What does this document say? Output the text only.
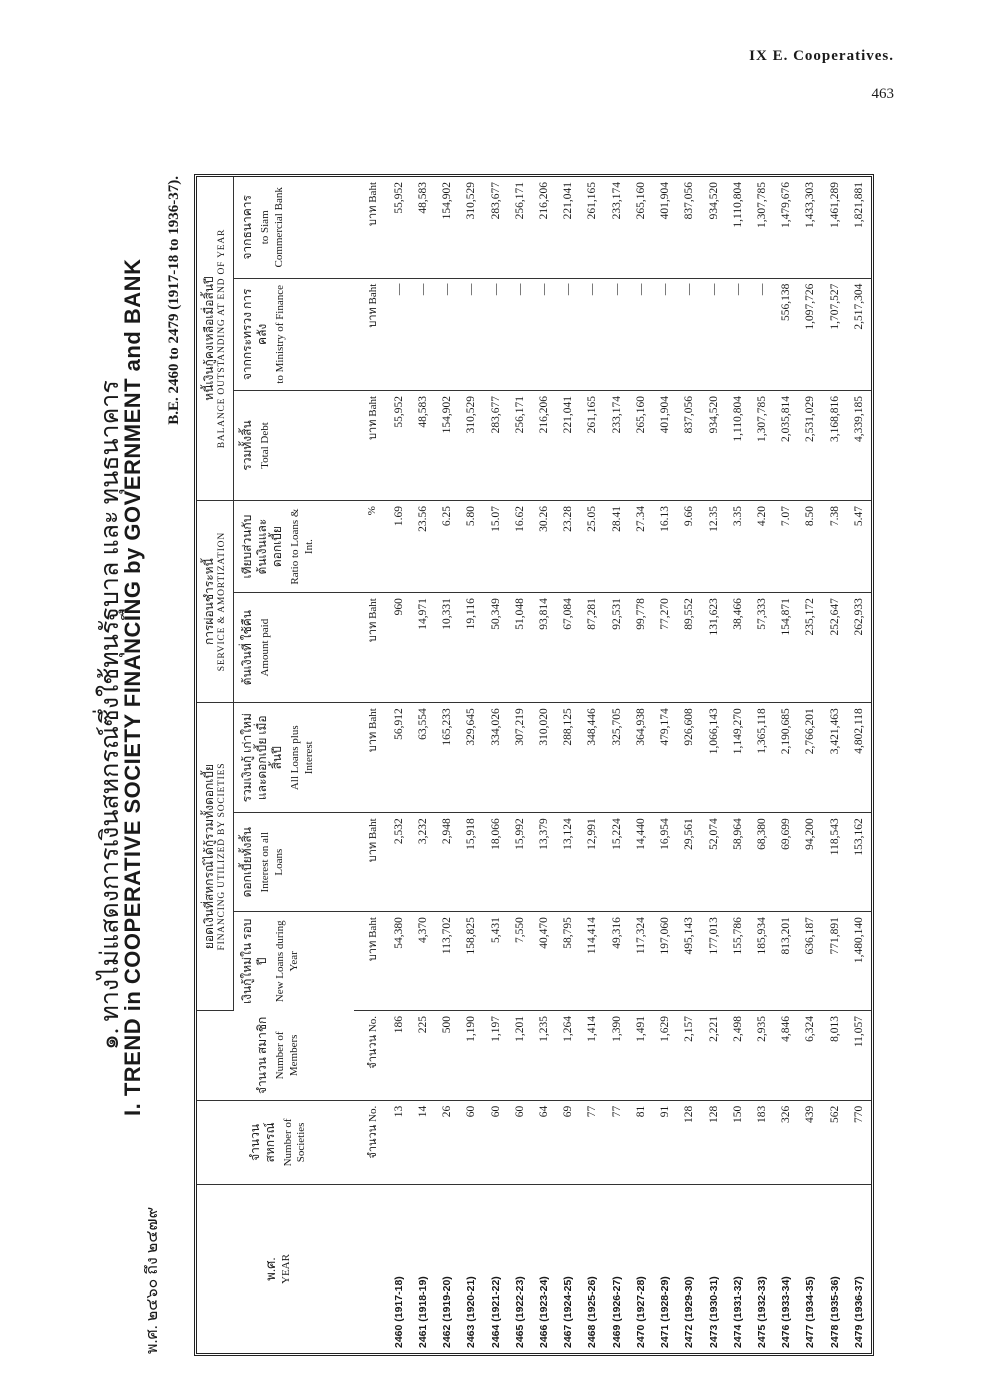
IX E. Cooperatives.
463
๑. ทางไม่แสดงการเงินสหกรณ์ซึ่งใช้ทุนรัฐบาล และ ทุนธนาคาร
I. TREND in COOPERATIVE SOCIETY FINANCING by GOVERNMENT and BANK
พ.ศ. ๒๔๖๐ ถึง ๒๔๗๙
B.E. 2460 to 2479 (1917-18 to 1936-37).
พ.ศ. YEAR	จำนวน สหกรณ์ Number of Societies	จำนวน สมาชิก Number of Members	ยอดเงินที่สหกรณ์ได้กู้รวมทั้งดอกเบี้ย FINANCING UTILIZED BY SOCIETIES			การผ่อนชำระหนี้ SERVICE & AMORTIZATION		หนี้เงินกู้คงเหลือเมื่อสิ้นปี BALANCE OUTSTANDING AT END OF YEAR		

			เงินกู้ใหม่ใน รอบปี New Loans during Year	ดอกเบี้ยทั้งสิ้น Interest on all Loans	รวมเงินกู้ เก่าใหม่ และดอกเบี้ย เมื่อสิ้นปี All Loans plus Interest	ต้นเงินที่ ใช้คืน Amount paid	เทียบส่วนกับ ต้นเงินและ ดอกเบี้ย Ratio to Loans & Int.	รวมทั้งสิ้น Total Debt	จากกระทรวง การคลัง to Ministry of Finance	จากธนาคาร to Siam Commercial Bank

	จำนวน No.	จำนวน No.	บาท Baht	บาท Baht	บาท Baht	บาท Baht	%	บาท Baht	บาท Baht	บาท Baht
2460 (1917-18)	13	186	54,380	2,532	56,912	960	1.69	55,952	—	55,952
2461 (1918-19)	14	225	4,370	3,232	63,554	14,971	23.56	48,583	—	48,583
2462 (1919-20)	26	500	113,702	2,948	165,233	10,331	6.25	154,902	—	154,902
2463 (1920-21)	60	1,190	158,825	15,918	329,645	19,116	5.80	310,529	—	310,529
2464 (1921-22)	60	1,197	5,431	18,066	334,026	50,349	15.07	283,677	—	283,677
2465 (1922-23)	60	1,201	7,550	15,992	307,219	51,048	16.62	256,171	—	256,171
2466 (1923-24)	64	1,235	40,470	13,379	310,020	93,814	30.26	216,206	—	216,206
2467 (1924-25)	69	1,264	58,795	13,124	288,125	67,084	23.28	221,041	—	221,041
2468 (1925-26)	77	1,414	114,414	12,991	348,446	87,281	25.05	261,165	—	261,165
2469 (1926-27)	77	1,390	49,316	15,224	325,705	92,531	28.41	233,174	—	233,174
2470 (1927-28)	81	1,491	117,324	14,440	364,938	99,778	27.34	265,160	—	265,160
2471 (1928-29)	91	1,629	197,060	16,954	479,174	77,270	16.13	401,904	—	401,904
2472 (1929-30)	128	2,157	495,143	29,561	926,608	89,552	9.66	837,056	—	837,056
2473 (1930-31)	128	2,221	177,013	52,074	1,066,143	131,623	12.35	934,520	—	934,520
2474 (1931-32)	150	2,498	155,786	58,964	1,149,270	38,466	3.35	1,110,804	—	1,110,804
2475 (1932-33)	183	2,935	185,934	68,380	1,365,118	57,333	4.20	1,307,785	—	1,307,785
2476 (1933-34)	326	4,846	813,201	69,699	2,190,685	154,871	7.07	2,035,814	556,138	1,479,676
2477 (1934-35)	439	6,324	636,187	94,200	2,766,201	235,172	8.50	2,531,029	1,097,726	1,433,303
2478 (1935-36)	562	8,013	771,891	118,543	3,421,463	252,647	7.38	3,168,816	1,707,527	1,461,289
2479 (1936-37)	770	11,057	1,480,140	153,162	4,802,118	262,933	5.47	4,339,185	2,517,304	1,821,881
